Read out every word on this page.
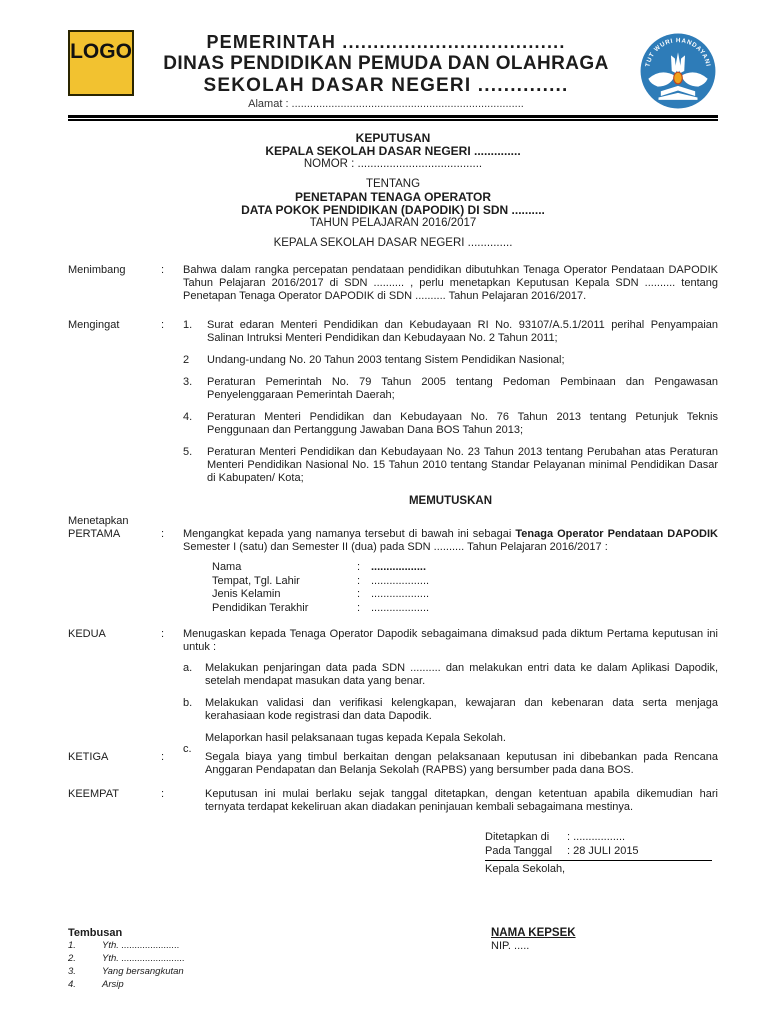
LOGO	PEMERINTAH ....................................
DINAS PENDIDIKAN PEMUDA DAN OLAHRAGA
SEKOLAH DASAR NEGERI ..............
Alamat : ............................................................................
TUT WURI HANDAYANI
KEPUTUSAN
KEPALA SEKOLAH DASAR NEGERI ..............
NOMOR : .......................................
TENTANG
PENETAPAN TENAGA OPERATOR
DATA POKOK PENDIDIKAN (DAPODIK) DI SDN ..........
TAHUN PELAJARAN 2016/2017
KEPALA SEKOLAH DASAR NEGERI ..............
Menimbang	:	Bahwa dalam rangka percepatan pendataan pendidikan dibutuhkan Tenaga Operator Pendataan DAPODIK Tahun Pelajaran 2016/2017 di SDN .......... , perlu menetapkan Keputusan Kepala SDN .......... tentang Penetapan Tenaga Operator DAPODIK di SDN .......... Tahun Pelajaran 2016/2017.
Mengingat	:	1.	Surat edaran Menteri Pendidikan dan Kebudayaan RI No. 93107/A.5.1/2011 perihal Penyampaian Salinan Intruksi Menteri Pendidikan dan Kebudayaan No. 2 Tahun 2011;
2	Undang-undang No. 20 Tahun 2003 tentang Sistem Pendidikan Nasional;
3.	Peraturan Pemerintah No. 79 Tahun 2005 tentang Pedoman Pembinaan dan Pengawasan Penyelenggaraan Pemerintah Daerah;
4.	Peraturan Menteri Pendidikan dan Kebudayaan No. 76 Tahun 2013 tentang Petunjuk Teknis Penggunaan dan Pertanggung Jawaban Dana BOS Tahun 2013;
5.	Peraturan Menteri Pendidikan dan Kebudayaan No. 23 Tahun 2013 tentang Perubahan atas Peraturan Menteri Pendidikan Nasional No. 15 Tahun 2010 tentang Standar Pelayanan minimal Pendidikan Dasar di Kabupaten/ Kota;
MEMUTUSKAN
Menetapkan
PERTAMA	:	Mengangkat kepada yang namanya tersebut di bawah ini sebagai Tenaga Operator Pendataan DAPODIK Semester I (satu) dan Semester II (dua) pada SDN .......... Tahun Pelajaran 2016/2017 :
Nama	: ..................
Tempat, Tgl. Lahir	: ...................
Jenis Kelamin	: ...................
Pendidikan Terakhir	: ...................
KEDUA	:	Menugaskan kepada Tenaga Operator Dapodik sebagaimana dimaksud pada diktum Pertama keputusan ini untuk :
a.	Melakukan penjaringan data pada SDN .......... dan melakukan entri data ke dalam Aplikasi Dapodik, setelah mendapat masukan data yang benar.
b.	Melakukan validasi dan verifikasi kelengkapan, kewajaran dan kebenaran data serta menjaga kerahasiaan kode registrasi dan data Dapodik.
c.
Melaporkan hasil pelaksanaan tugas kepada Kepala Sekolah.
KETIGA	:	Segala biaya yang timbul berkaitan dengan pelaksanaan keputusan ini dibebankan pada Rencana Anggaran Pendapatan dan Belanja Sekolah (RAPBS) yang bersumber pada dana BOS.
KEEMPAT	:	Keputusan ini mulai berlaku sejak tanggal ditetapkan, dengan ketentuan apabila dikemudian hari ternyata terdapat kekeliruan akan diadakan peninjauan kembali sebagaimana mestinya.
Ditetapkan di	: .................
Pada Tanggal	: 28 JULI 2015
Kepala Sekolah,
Tembusan
1.	Yth. ......................
2.	Yth. ........................
3.	Yang bersangkutan
4.	Arsip
NAMA KEPSEK
NIP. .....
